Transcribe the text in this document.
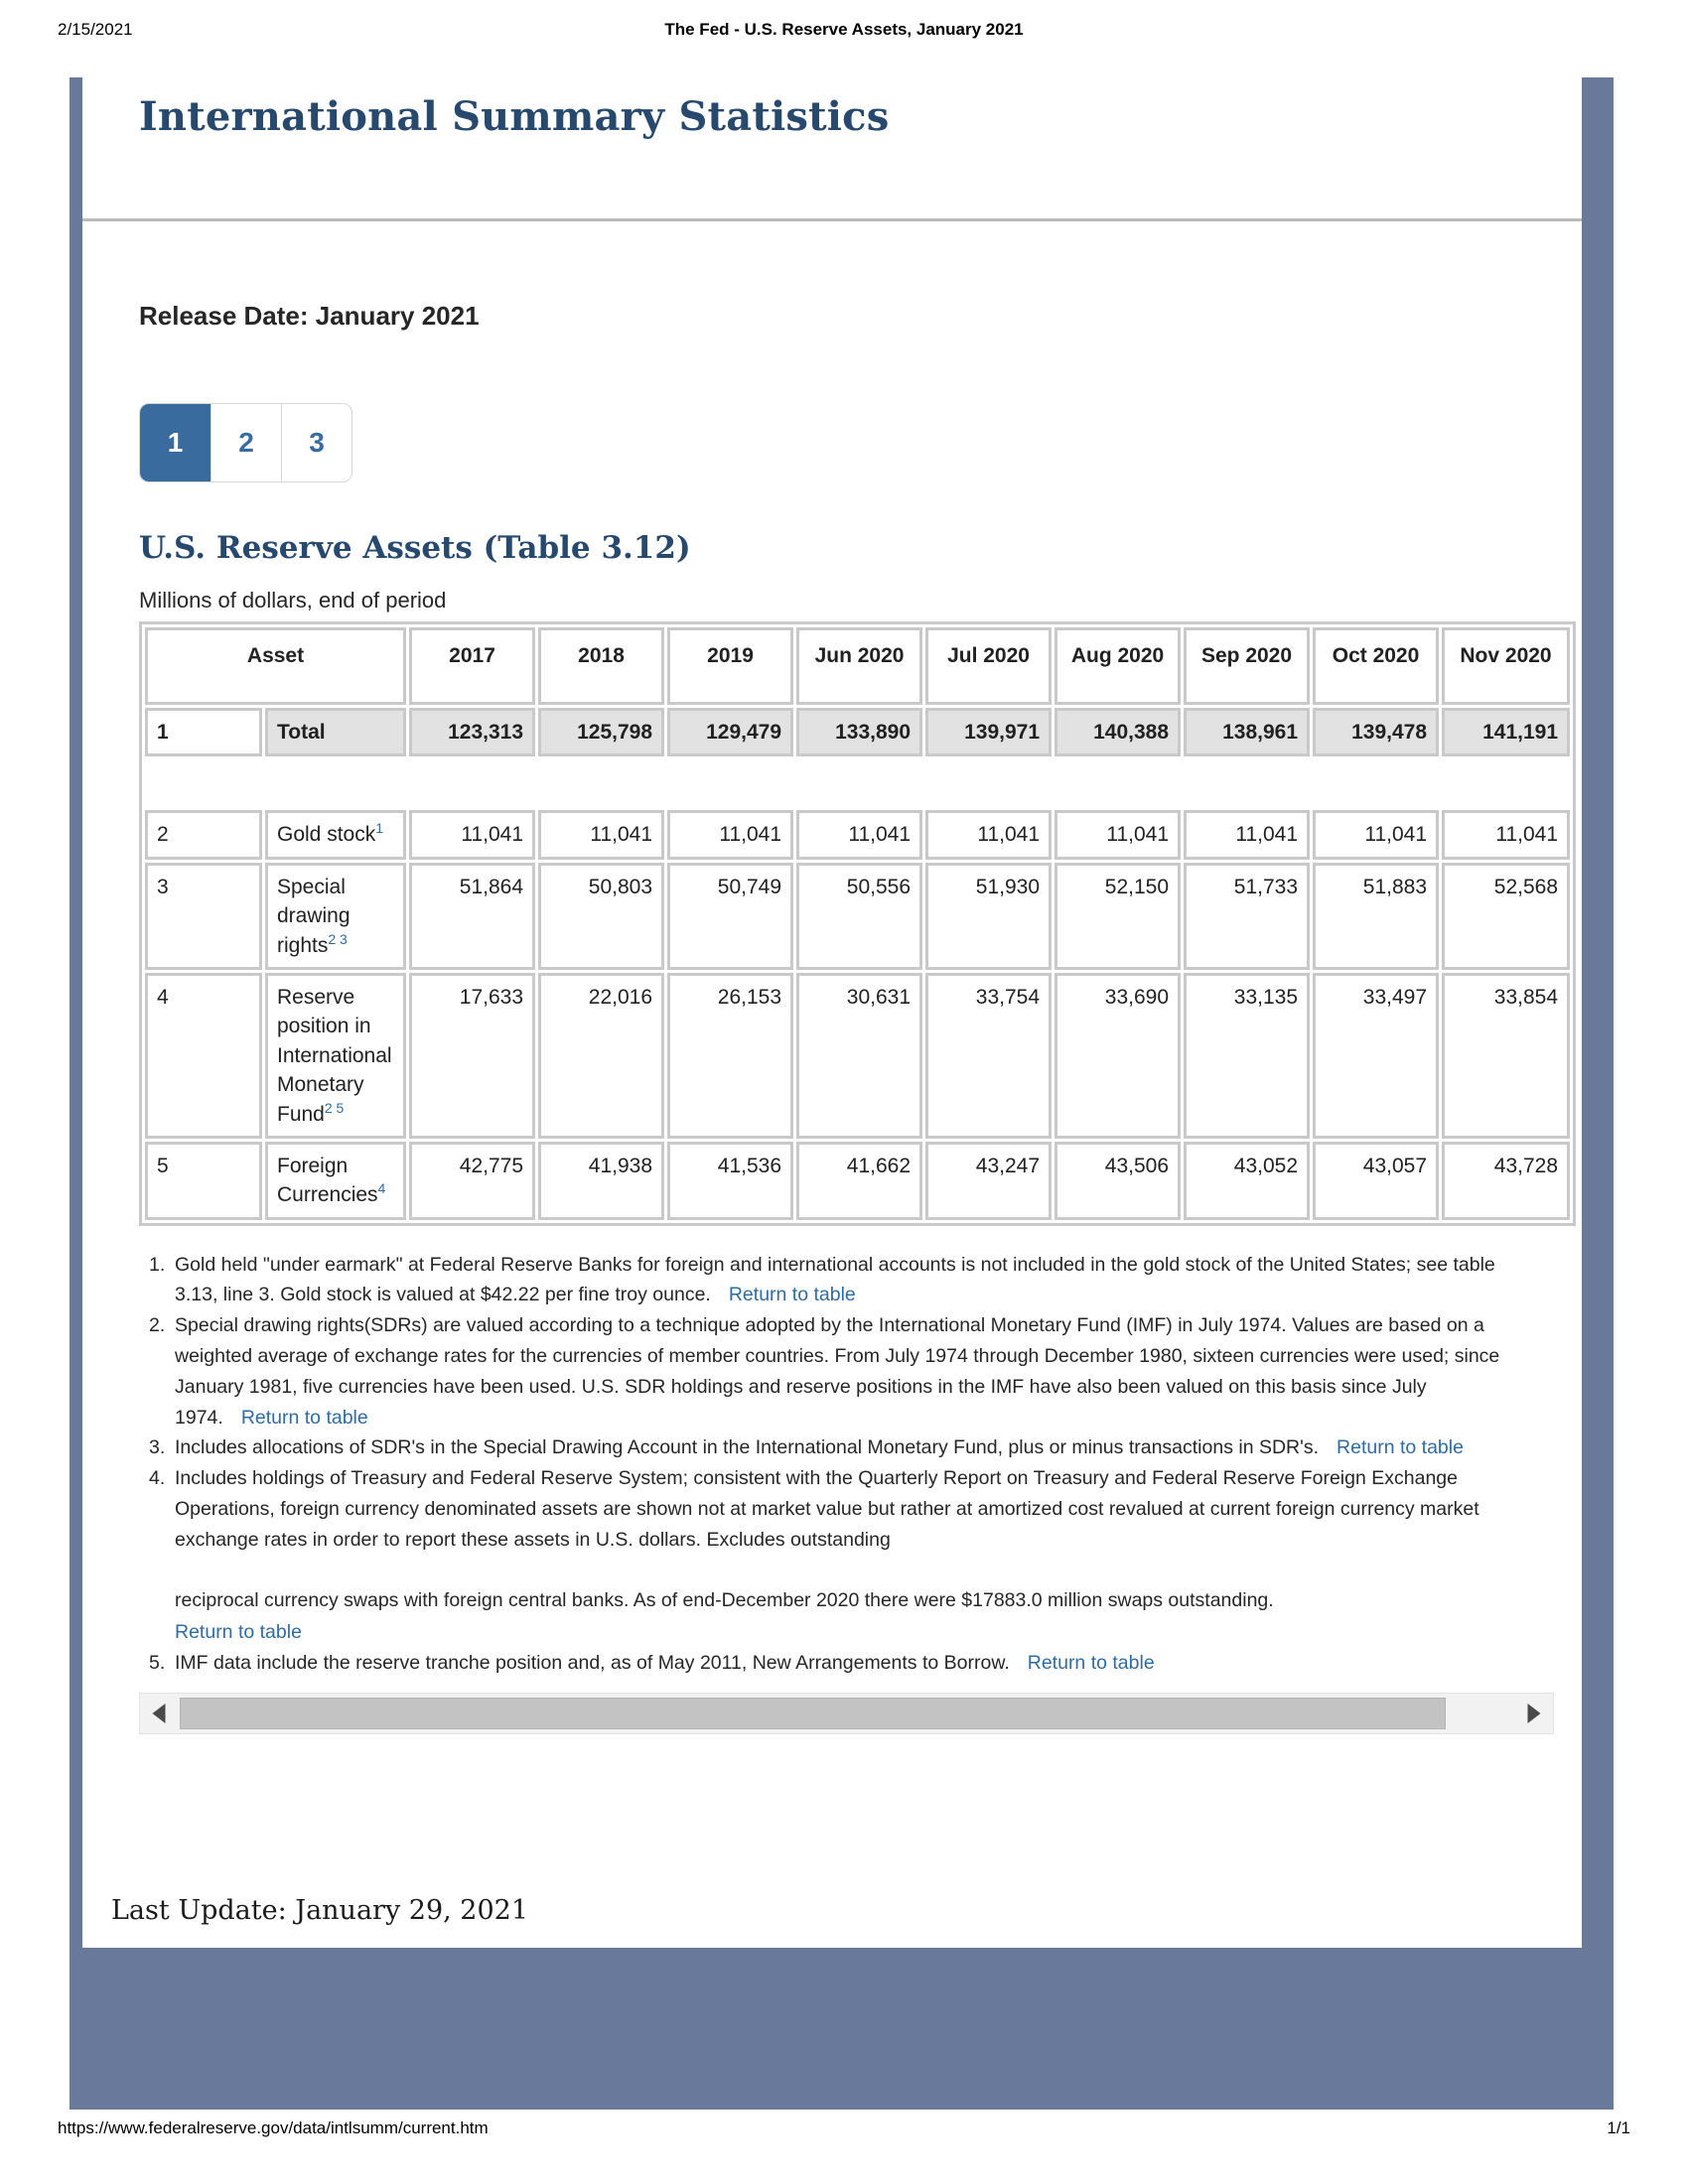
2/15/2021	The Fed - U.S. Reserve Assets, January 2021
International Summary Statistics
Release Date: January 2021
1	2	3
U.S. Reserve Assets (Table 3.12)
Millions of dollars, end of period
Asset		2017	2018	2019	Jun 2020	Jul 2020	Aug 2020	Sep 2020	Oct 2020	Nov 2020
1	Total	123,313	125,798	129,479	133,890	139,971	140,388	138,961	139,478	141,191

2	Gold stock$^1$	11,041	11,041	11,041	11,041	11,041	11,041	11,041	11,041	11,041
3	Special drawing rights$^{2 3}$	51,864	50,803	50,749	50,556	51,930	52,150	51,733	51,883	52,568
4	Reserve position in International Monetary Fund$^{2 5}$	17,633	22,016	26,153	30,631	33,754	33,690	33,135	33,497	33,854
5	Foreign Currencies$^4$	42,775	41,938	41,536	41,662	43,247	43,506	43,052	43,057	43,728

1. Gold held "under earmark" at Federal Reserve Banks for foreign and international accounts is not included in the gold stock of the United States; see table 3.13, line 3. Gold stock is valued at $42.22 per fine troy ounce. Return to table

2. Special drawing rights(SDRs) are valued according to a technique adopted by the International Monetary Fund (IMF) in July 1974. Values are based on a weighted average of exchange rates for the currencies of member countries. From July 1974 through December 1980, sixteen currencies were used; since January 1981, five currencies have been used. U.S. SDR holdings and reserve positions in the IMF have also been valued on this basis since July 1974. Return to table

3. Includes allocations of SDR's in the Special Drawing Account in the International Monetary Fund, plus or minus transactions in SDR's. Return to table

4. Includes holdings of Treasury and Federal Reserve System; consistent with the Quarterly Report on Treasury and Federal Reserve Foreign Exchange Operations, foreign currency denominated assets are shown not at market value but rather at amortized cost revalued at current foreign currency market exchange rates in order to report these assets in U.S. dollars. Excludes outstanding

reciprocal currency swaps with foreign central banks. As of end-December 2020 there were $17883.0 million swaps outstanding.

Return to table

5. IMF data include the reserve tranche position and, as of May 2011, New Arrangements to Borrow. Return to table

Last Update: January 29, 2021
https://www.federalreserve.gov/data/intlsumm/current.htm	1/1
